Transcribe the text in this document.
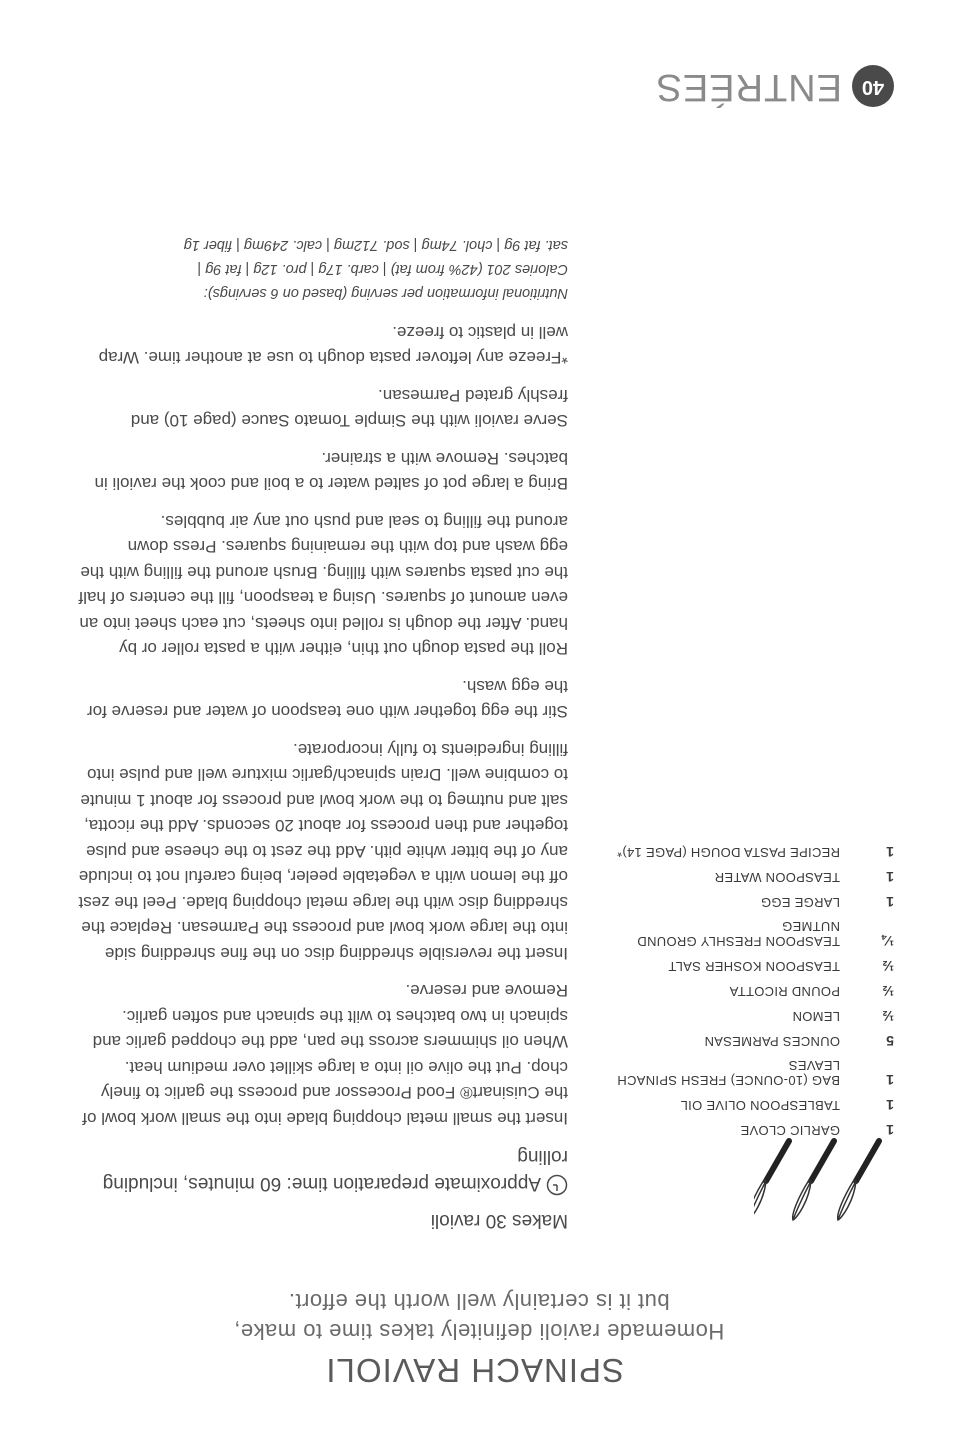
SPINACH RAVIOLI
Homemade ravioli definitely takes time to make,
but it is certainly well worth the effort.
Makes 30 ravioli
Approximate preparation time: 60 minutes, including rolling
1
GARLIC CLOVE
1
TABLESPOON OLIVE OIL
1
BAG (10-OUNCE) FRESH SPINACH LEAVES
5
OUNCES PARMESAN
½
LEMON
½
POUND RICOTTA
½
TEASPOON KOSHER SALT
¼
TEASPOON FRESHLY GROUND NUTMEG
1
LARGE EGG
1
TEASPOON WATER
1
RECIPE PASTA DOUGH (PAGE 14)*

Insert the small metal chopping blade into the small work bowl of the Cuisinart® Food Processor and process the garlic to finely chop. Put the olive oil into a large skillet over medium heat. When oil shimmers across the pan, add the chopped garlic and spinach in two batches to wilt the spinach and soften garlic. Remove and reserve.

Insert the reversible shredding disc on the fine shredding side into the large work bowl and process the Parmesan. Replace the shredding disc with the large metal chopping blade. Peel the zest off the lemon with a vegetable peeler, being careful not to include any of the bitter white pith. Add the zest to the cheese and pulse together and then process for about 20 seconds. Add the ricotta, salt and nutmeg to the work bowl and process for about 1 minute to combine well. Drain spinach/garlic mixture well and pulse into filling ingredients to fully incorporate.

Stir the egg together with one teaspoon of water and reserve for the egg wash.

Roll the pasta dough out thin, either with a pasta roller or by hand. After the dough is rolled into sheets, cut each sheet into an even amount of squares. Using a teaspoon, fill the centers of half the cut pasta squares with filling. Brush around the filling with the egg wash and top with the remaining squares. Press down around the filling to seal and push out any air bubbles.

Bring a large pot of salted water to a boil and cook the ravioli in batches. Remove with a strainer.

Serve ravioli with the Simple Tomato Sauce (page 10) and freshly grated Parmesan.

*Freeze any leftover pasta dough to use at another time. Wrap well in plastic to freeze.

Nutritional information per serving (based on 6 servings):
Calories 201 (42% from fat) | carb. 17g | pro. 12g | fat 9g |
sat. fat 9g | chol. 74mg | sod. 712mg | calc. 249mg | fiber 1g
40
ENTRÉES
